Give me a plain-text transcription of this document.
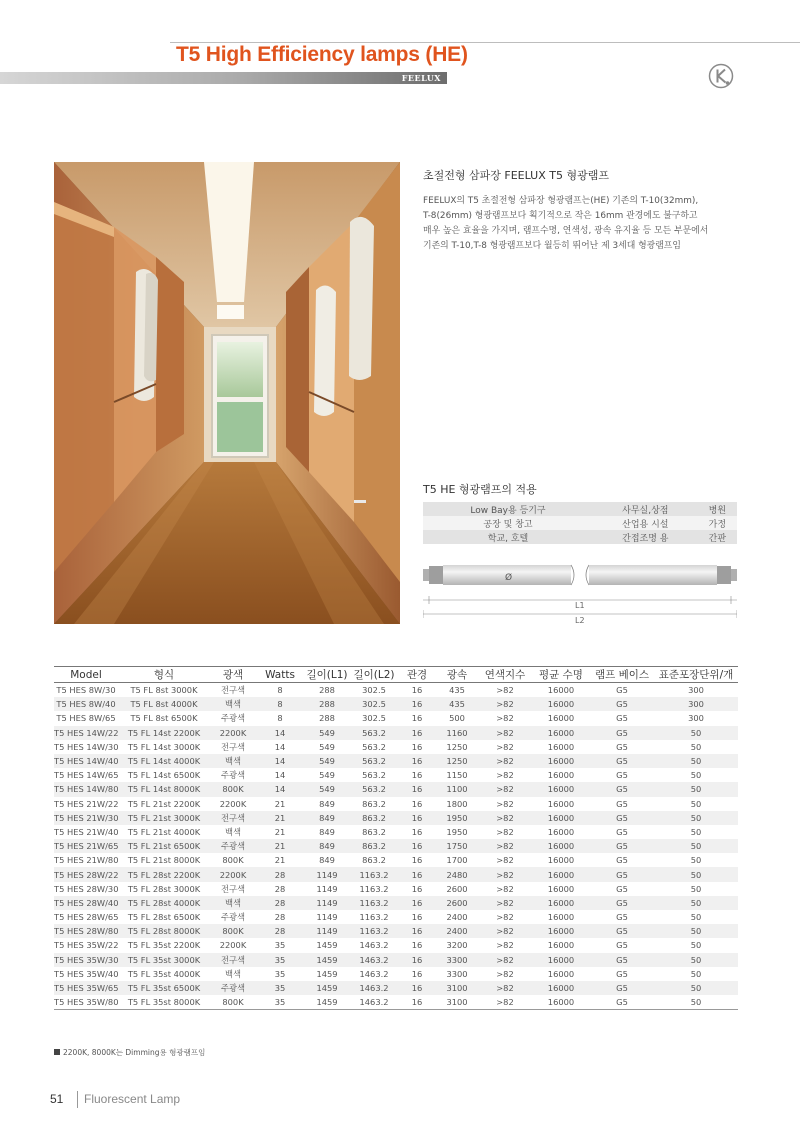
T5 High Efficiency lamps (HE)
FEELUX
초절전형 삼파장 FEELUX T5 형광램프
FEELUX의 T5 초절전형 삼파장 형광램프는(HE) 기존의 T-10(32mm),
T-8(26mm) 형광램프보다 획기적으로 작은 16mm 관경에도 불구하고
매우 높은 효율을 가지며, 램프수명, 연색성, 광속 유지율 등 모든 부문에서
기존의 T-10,T-8 형광램프보다 월등히 뛰어난 제 3세대 형광램프임
T5 HE 형광램프의 적용
Low Bay용 등기구	사무실,상점	병원
공장 및 창고	산업용 시설	가정
학교, 호텔	간접조명 용	간판
Ø
L1
L2
Model	형식	광색	Watts	길이(L1)	길이(L2)	관경	광속	연색지수	평균 수명	램프 베이스	표준포장단위/개
T5 HES 8W/30	T5 FL 8st 3000K	전구색	8	288	302.5	16	435	>82	16000	G5	300
T5 HES 8W/40	T5 FL 8st 4000K	백색	8	288	302.5	16	435	>82	16000	G5	300
T5 HES 8W/65	T5 FL 8st 6500K	주광색	8	288	302.5	16	500	>82	16000	G5	300
T5 HES 14W/22	T5 FL 14st 2200K	2200K	14	549	563.2	16	1160	>82	16000	G5	50
T5 HES 14W/30	T5 FL 14st 3000K	전구색	14	549	563.2	16	1250	>82	16000	G5	50
T5 HES 14W/40	T5 FL 14st 4000K	백색	14	549	563.2	16	1250	>82	16000	G5	50
T5 HES 14W/65	T5 FL 14st 6500K	주광색	14	549	563.2	16	1150	>82	16000	G5	50
T5 HES 14W/80	T5 FL 14st 8000K	800K	14	549	563.2	16	1100	>82	16000	G5	50
T5 HES 21W/22	T5 FL 21st 2200K	2200K	21	849	863.2	16	1800	>82	16000	G5	50
T5 HES 21W/30	T5 FL 21st 3000K	전구색	21	849	863.2	16	1950	>82	16000	G5	50
T5 HES 21W/40	T5 FL 21st 4000K	백색	21	849	863.2	16	1950	>82	16000	G5	50
T5 HES 21W/65	T5 FL 21st 6500K	주광색	21	849	863.2	16	1750	>82	16000	G5	50
T5 HES 21W/80	T5 FL 21st 8000K	800K	21	849	863.2	16	1700	>82	16000	G5	50
T5 HES 28W/22	T5 FL 28st 2200K	2200K	28	1149	1163.2	16	2480	>82	16000	G5	50
T5 HES 28W/30	T5 FL 28st 3000K	전구색	28	1149	1163.2	16	2600	>82	16000	G5	50
T5 HES 28W/40	T5 FL 28st 4000K	백색	28	1149	1163.2	16	2600	>82	16000	G5	50
T5 HES 28W/65	T5 FL 28st 6500K	주광색	28	1149	1163.2	16	2400	>82	16000	G5	50
T5 HES 28W/80	T5 FL 28st 8000K	800K	28	1149	1163.2	16	2400	>82	16000	G5	50
T5 HES 35W/22	T5 FL 35st 2200K	2200K	35	1459	1463.2	16	3200	>82	16000	G5	50
T5 HES 35W/30	T5 FL 35st 3000K	전구색	35	1459	1463.2	16	3300	>82	16000	G5	50
T5 HES 35W/40	T5 FL 35st 4000K	백색	35	1459	1463.2	16	3300	>82	16000	G5	50
T5 HES 35W/65	T5 FL 35st 6500K	주광색	35	1459	1463.2	16	3100	>82	16000	G5	50
T5 HES 35W/80	T5 FL 35st 8000K	800K	35	1459	1463.2	16	3100	>82	16000	G5	50
2200K, 8000K는 Dimming용 형광램프임
51 Fluorescent Lamp
